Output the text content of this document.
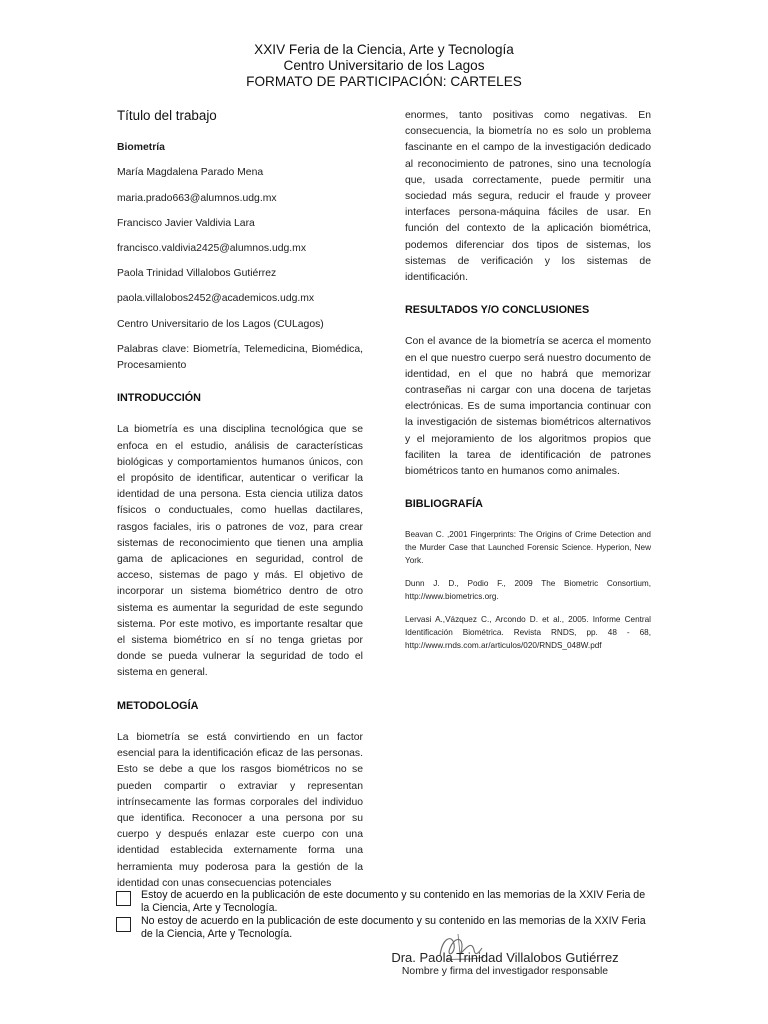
XXIV Feria de la Ciencia, Arte y Tecnología
Centro Universitario de los Lagos
FORMATO DE PARTICIPACIÓN: CARTELES
Título del trabajo
Biometría
María Magdalena Parado Mena
maria.prado663@alumnos.udg.mx
Francisco Javier Valdivia Lara
francisco.valdivia2425@alumnos.udg.mx
Paola Trinidad Villalobos Gutiérrez
paola.villalobos2452@academicos.udg.mx
Centro Universitario de los Lagos (CULagos)
Palabras clave: Biometría, Telemedicina, Biomédica, Procesamiento
INTRODUCCIÓN
La biometría es una disciplina tecnológica que se enfoca en el estudio, análisis de características biológicas y comportamientos humanos únicos, con el propósito de identificar, autenticar o verificar la identidad de una persona. Esta ciencia utiliza datos físicos o conductuales, como huellas dactilares, rasgos faciales, iris o patrones de voz, para crear sistemas de reconocimiento que tienen una amplia gama de aplicaciones en seguridad, control de acceso, sistemas de pago y más. El objetivo de incorporar un sistema biométrico dentro de otro sistema es aumentar la seguridad de este segundo sistema. Por este motivo, es importante resaltar que el sistema biométrico en sí no tenga grietas por donde se pueda vulnerar la seguridad de todo el sistema en general.
METODOLOGÍA
La biometría se está convirtiendo en un factor esencial para la identificación eficaz de las personas. Esto se debe a que los rasgos biométricos no se pueden compartir o extraviar y representan intrínsecamente las formas corporales del individuo que identifica. Reconocer a una persona por su cuerpo y después enlazar este cuerpo con una identidad establecida externamente forma una herramienta muy poderosa para la gestión de la identidad con unas consecuencias potenciales
enormes, tanto positivas como negativas. En consecuencia, la biometría no es solo un problema fascinante en el campo de la investigación dedicado al reconocimiento de patrones, sino una tecnología que, usada correctamente, puede permitir una sociedad más segura, reducir el fraude y proveer interfaces persona-máquina fáciles de usar. En función del contexto de la aplicación biométrica, podemos diferenciar dos tipos de sistemas, los sistemas de verificación y los sistemas de identificación.
RESULTADOS Y/O CONCLUSIONES
Con el avance de la biometría se acerca el momento en el que nuestro cuerpo será nuestro documento de identidad, en el que no habrá que memorizar contraseñas ni cargar con una docena de tarjetas electrónicas. Es de suma importancia continuar con la investigación de sistemas biométricos alternativos y el mejoramiento de los algoritmos propios que faciliten la tarea de identificación de patrones biométricos tanto en humanos como animales.
BIBLIOGRAFÍA
Beavan C. ,2001 Fingerprints: The Origins of Crime Detection and the Murder Case that Launched Forensic Science. Hyperion, New York.
Dunn J. D., Podio F., 2009 The Biometric Consortium, http://www.biometrics.org.
Lervasi A.,Vázquez C., Arcondo D. et al., 2005. Informe Central Identificación Biométrica. Revista RNDS, pp. 48 - 68, http://www.rnds.com.ar/articulos/020/RNDS_048W.pdf
Estoy de acuerdo en la publicación de este documento y su contenido en las memorias de la XXIV Feria de la Ciencia, Arte y Tecnología.
No estoy de acuerdo en la publicación de este documento y su contenido en las memorias de la XXIV Feria de la Ciencia, Arte y Tecnología.
Dra. Paola Trinidad Villalobos Gutiérrez
Nombre y firma del investigador responsable
